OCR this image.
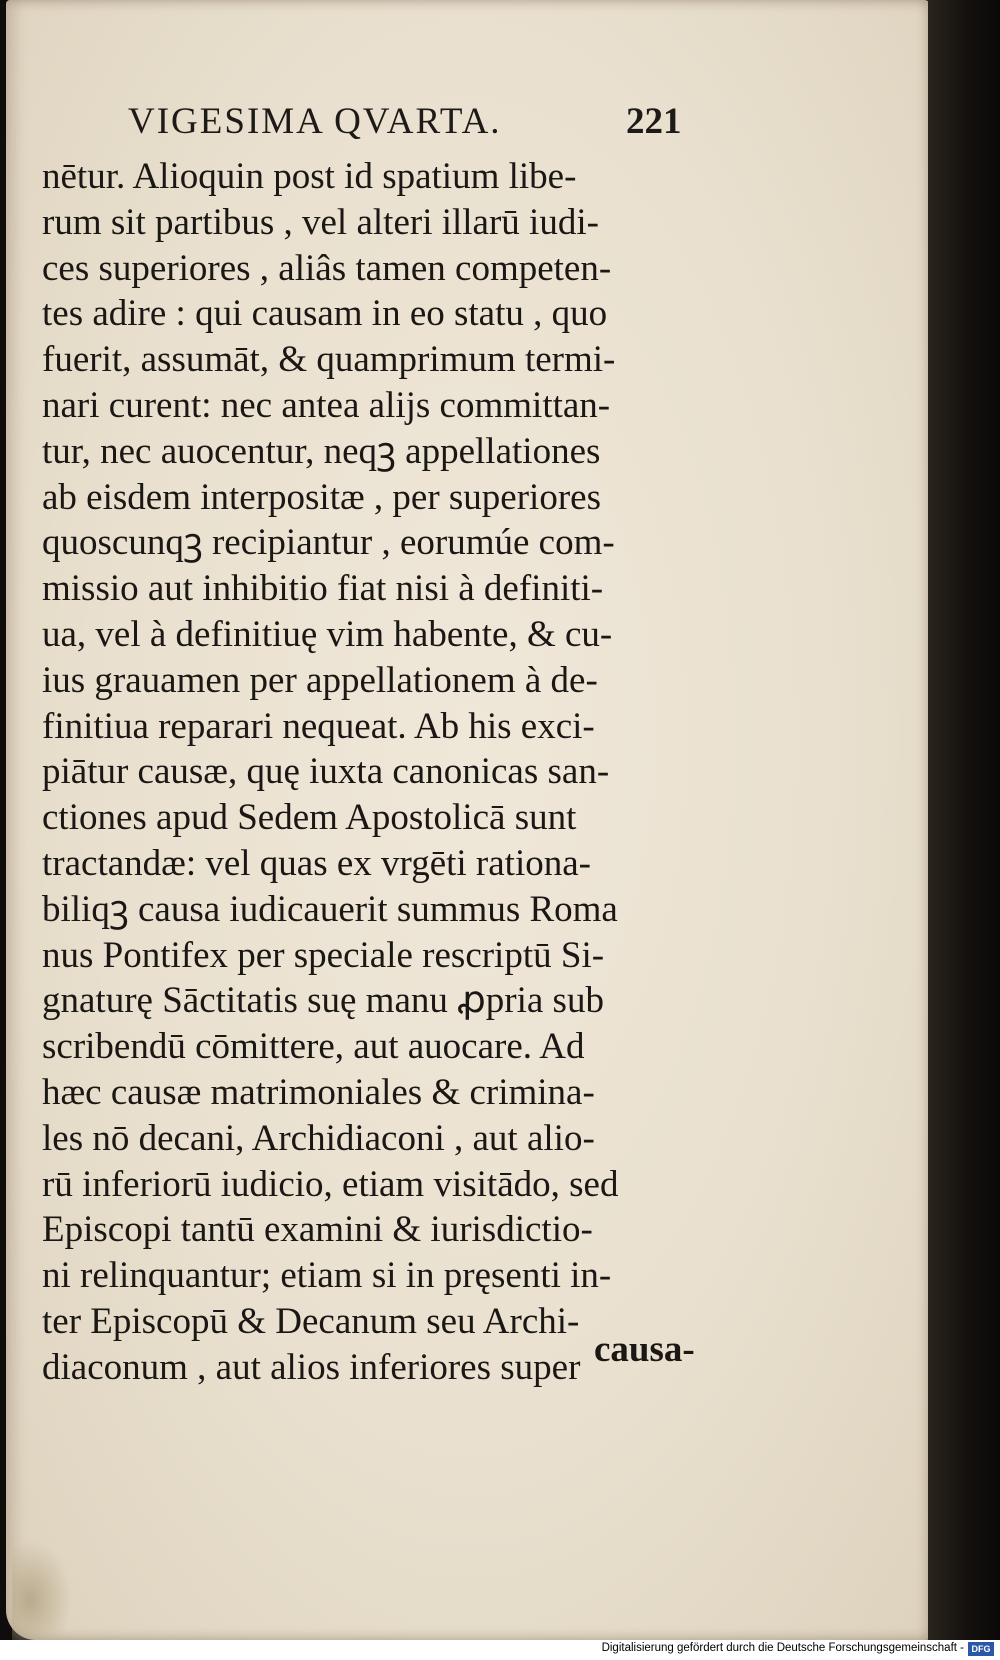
VIGESIMA QVARTA.	221
nētur. Alioquin post id spatium libe-
rum sit partibus , vel alteri illarū iudi-
ces superiores , aliâs tamen competen-
tes adire : qui causam in eo statu , quo
fuerit, assumāt, & quamprimum termi-
nari curent: nec antea alijs committan-
tur, nec auocentur, neqꝫ appellationes
ab eisdem interpositæ , per superiores
quoscunqꝫ recipiantur , eorumúe com-
missio aut inhibitio fiat nisi à definiti-
ua, vel à definitiuę vim habente, & cu-
ius grauamen per appellationem à de-
finitiua reparari nequeat. Ab his exci-
piātur causæ, quę iuxta canonicas san-
ctiones apud Sedem Apostolicā sunt
tractandæ: vel quas ex vrgēti rationa-
biliqꝫ causa iudicauerit summus Roma
nus Pontifex per speciale rescriptū Si-
gnaturę Sāctitatis suę manu ꝓpria sub
scribendū cōmittere, aut auocare. Ad
hæc causæ matrimoniales & crimina-
les nō decani, Archidiaconi , aut alio-
rū inferiorū iudicio, etiam visitādo, sed
Episcopi tantū examini & iurisdictio-
ni relinquantur; etiam si in pręsenti in-
ter Episcopū & Decanum seu Archi-
diaconum , aut alios inferiores super causa-
Digitalisierung gefördert durch die Deutsche Forschungsgemeinschaft - DFG
